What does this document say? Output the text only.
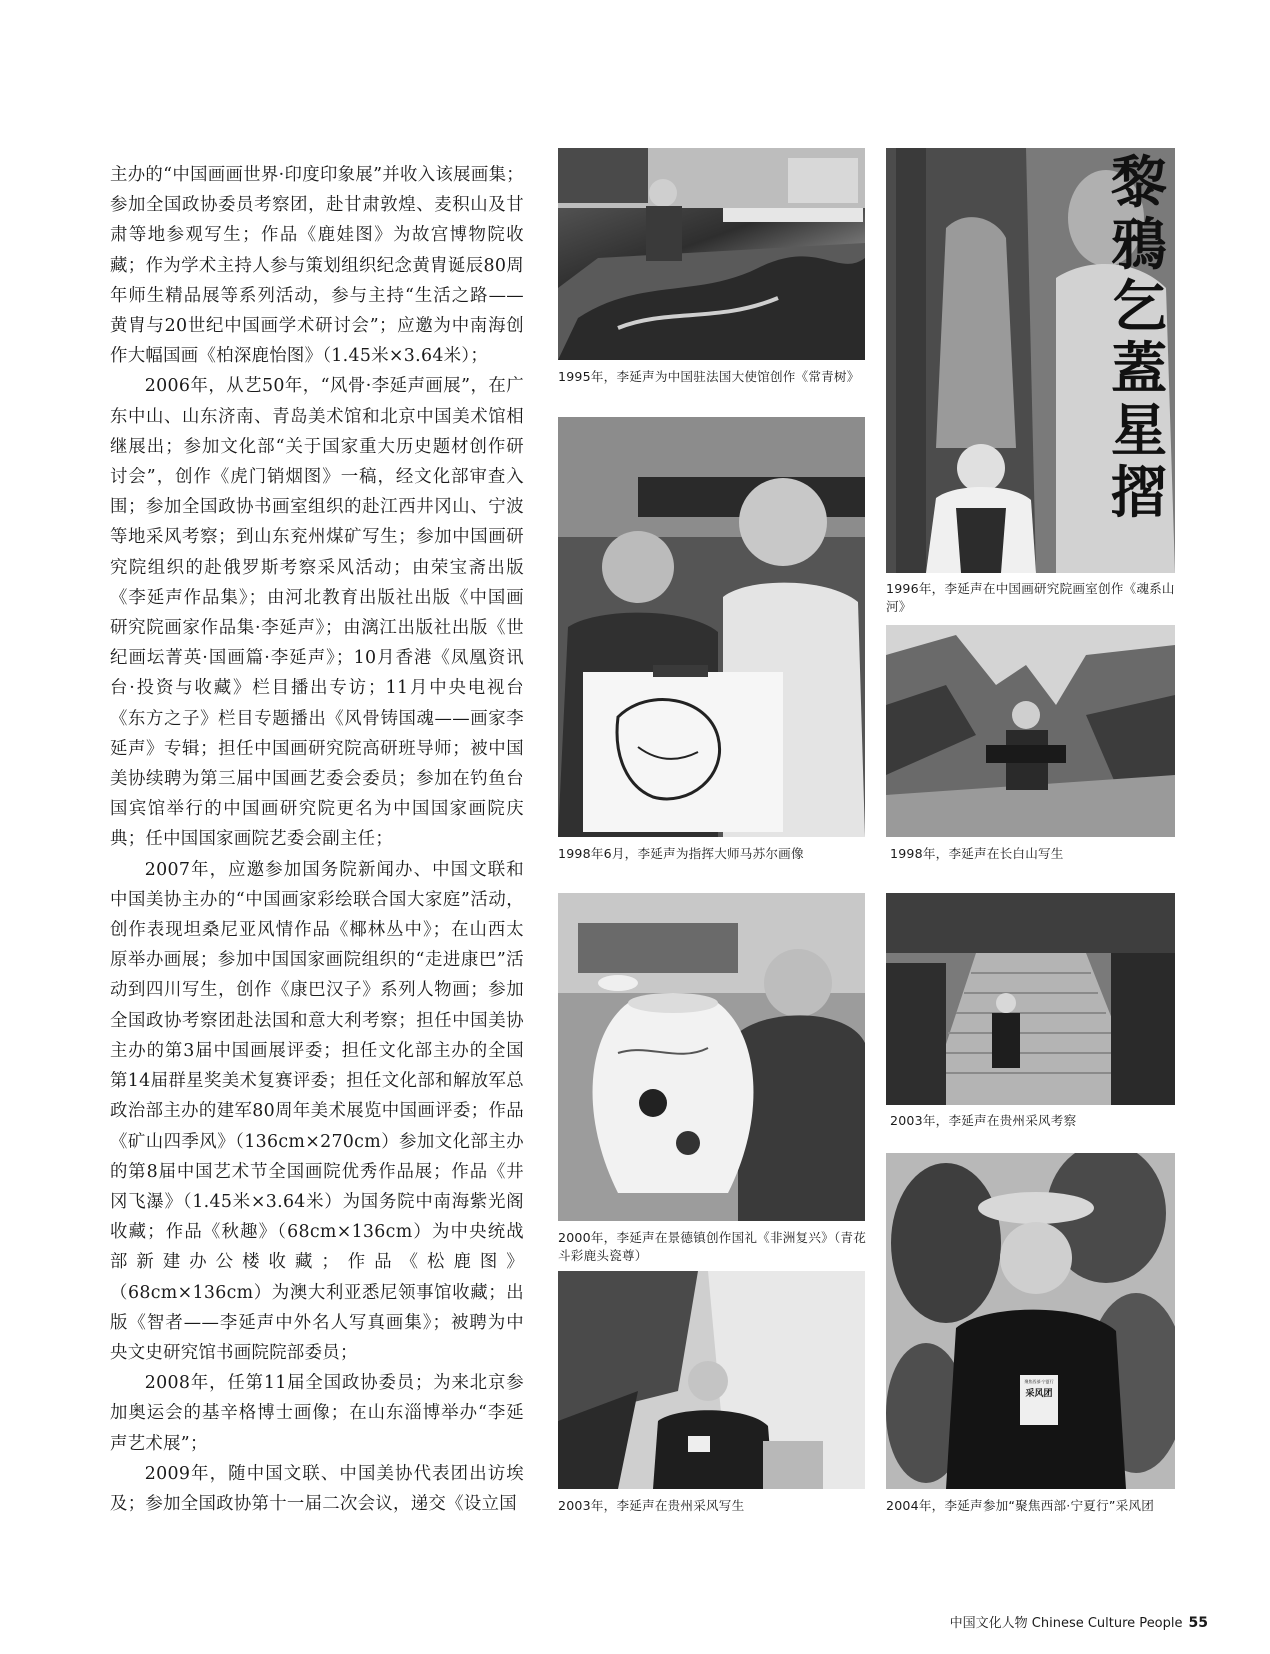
主办的“中国画画世界·印度印象展”并收入该展画集；参加全国政协委员考察团，赴甘肃敦煌、麦积山及甘肃等地参观写生；作品《鹿娃图》为故宫博物院收藏；作为学术主持人参与策划组织纪念黄胄诞辰80周年师生精品展等系列活动，参与主持“生活之路——黄胄与20世纪中国画学术研讨会”；应邀为中南海创作大幅国画《柏深鹿怡图》（1.45米×3.64米）；

2006年，从艺50年，“风骨·李延声画展”，在广东中山、山东济南、青岛美术馆和北京中国美术馆相继展出；参加文化部“关于国家重大历史题材创作研讨会”，创作《虎门销烟图》一稿，经文化部审查入围；参加全国政协书画室组织的赴江西井冈山、宁波等地采风考察；到山东兖州煤矿写生；参加中国画研究院组织的赴俄罗斯考察采风活动；由荣宝斋出版《李延声作品集》；由河北教育出版社出版《中国画研究院画家作品集·李延声》；由漓江出版社出版《世纪画坛菁英·国画篇·李延声》；10月香港《凤凰资讯台·投资与收藏》栏目播出专访；11月中央电视台《东方之子》栏目专题播出《风骨铸国魂——画家李延声》专辑；担任中国画研究院高研班导师；被中国美协续聘为第三届中国画艺委会委员；参加在钓鱼台国宾馆举行的中国画研究院更名为中国国家画院庆典；任中国国家画院艺委会副主任；

2007年，应邀参加国务院新闻办、中国文联和中国美协主办的“中国画家彩绘联合国大家庭”活动，创作表现坦桑尼亚风情作品《椰林丛中》；在山西太原举办画展；参加中国国家画院组织的“走进康巴”活动到四川写生，创作《康巴汉子》系列人物画；参加全国政协考察团赴法国和意大利考察；担任中国美协主办的第3届中国画展评委；担任文化部主办的全国第14届群星奖美术复赛评委；担任文化部和解放军总政治部主办的建军80周年美术展览中国画评委；作品《矿山四季风》（136cm×270cm）参加文化部主办的第8届中国艺术节全国画院优秀作品展；作品《井冈飞瀑》（1.45米×3.64米）为国务院中南海紫光阁收藏；作品《秋趣》（68cm×136cm）为中央统战部新建办公楼收藏；作品《松鹿图》（68cm×136cm）为澳大利亚悉尼领事馆收藏；出版《智者——李延声中外名人写真画集》；被聘为中央文史研究馆书画院院部委员；

2008年，任第11届全国政协委员；为来北京参加奥运会的基辛格博士画像；在山东淄博举办“李延声艺术展”；

2009年，随中国文联、中国美协代表团出访埃及；参加全国政协第十一届二次会议，递交《设立国

1995年，李延声为中国驻法国大使馆创作《常青树》
黎鴉乞蓋星摺
1996年，李延声在中国画研究院画室创作《魂系山河》
1998年6月，李延声为指挥大师马苏尔画像	1998年，李延声在长白山写生
2000年，李延声在景德镇创作国礼《非洲复兴》（青花斗彩鹿头瓷尊）
2003年，李延声在贵州采风考察
2003年，李延声在贵州采风写生
聚焦西部·宁夏行
采风团
2004年，李延声参加“聚焦西部·宁夏行”采风团
中国文化人物 Chinese Culture People 55
